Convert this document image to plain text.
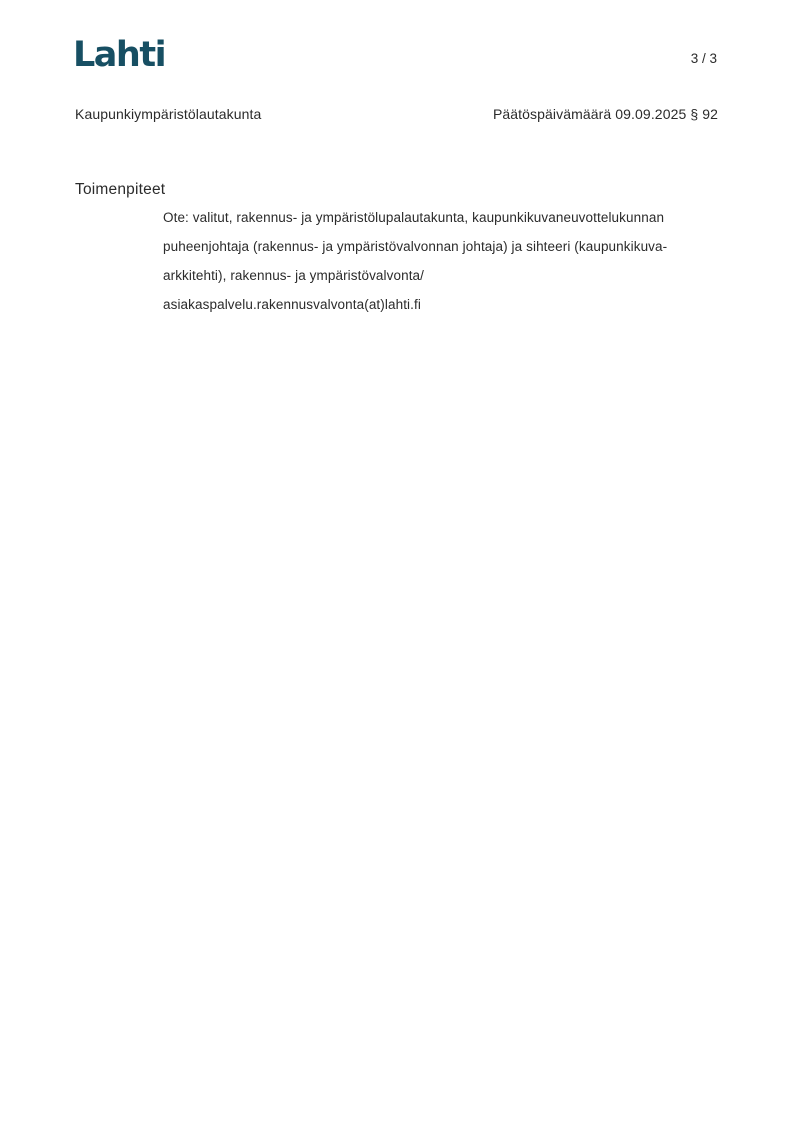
Lahti	3 / 3
Kaupunkiympäristölautakunta	Päätöspäivämäärä 09.09.2025 § 92
Toimenpiteet
Ote: valitut, rakennus- ja ympäristölupalautakunta, kaupunkikuvaneuvottelukunnan
puheenjohtaja (rakennus- ja ympäristövalvonnan johtaja) ja sihteeri (kaupunkikuva-
arkkitehti), rakennus- ja ympäristövalvonta/
asiakaspalvelu.rakennusvalvonta(at)lahti.fi
